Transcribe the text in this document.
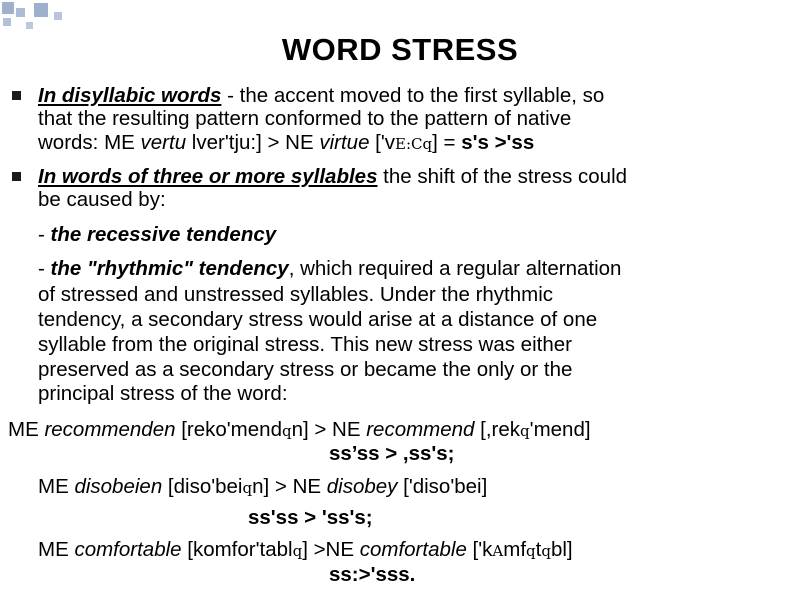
WORD STRESS
In disyllabic words - the accent moved to the first syllable, so
that the resulting pattern conformed to the pattern of native
words: ME vertu lver'tju:] > NE virtue ['vE:Cq] = s's >'ss
In words of three or more syllables the shift of the stress could
be caused by:
- the recessive tendency
- the "rhythmic" tendency, which required a regular alternation
of stressed and unstressed syllables. Under the rhythmic
tendency, a secondary stress would arise at a distance of one
syllable from the original stress. This new stress was either
preserved as a secondary stress or became the only or the
principal stress of the word:
ME recommenden [reko'mendqn] > NE recommend [,rekq'mend]
ss’ss > ,ss's;
ME disobeien [diso'beiqn] > NE disobey ['diso'bei]
ss'ss > 'ss's;
ME comfortable [komfor'tablq] >NE comfortable ['kAmfqtqbl]
ss:>'sss.
